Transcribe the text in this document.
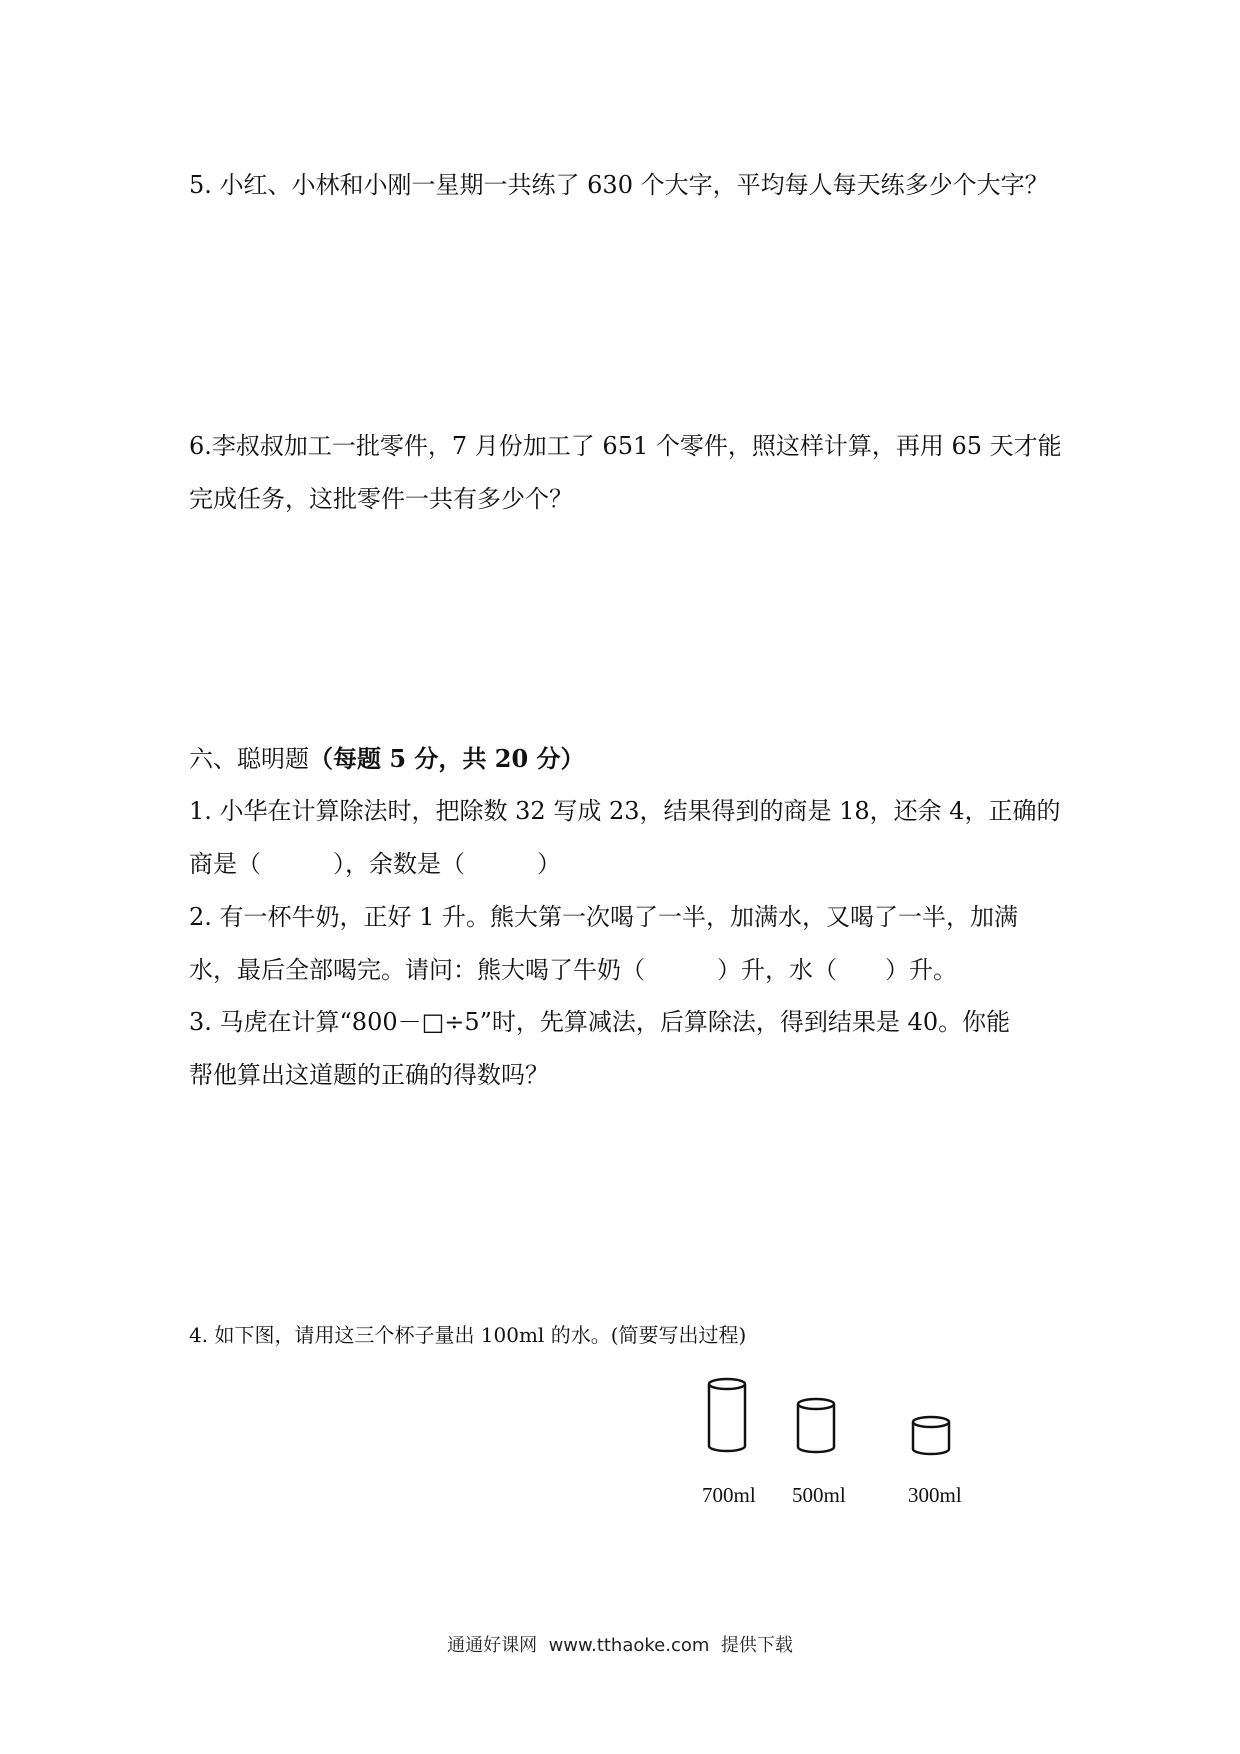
5. 小红、小林和小刚一星期一共练了 630 个大字，平均每人每天练多少个大字？
6.李叔叔加工一批零件，7 月份加工了 651 个零件，照这样计算，再用 65 天才能
完成任务，这批零件一共有多少个？
六、聪明题（每题 5 分，共 20 分）
1. 小华在计算除法时，把除数 32 写成 23，结果得到的商是 18，还余 4，正确的
商是（　　　），余数是（　　　）
2. 有一杯牛奶，正好 1 升。熊大第一次喝了一半，加满水，又喝了一半，加满
水，最后全部喝完。请问：熊大喝了牛奶（　　　）升，水（　　）升。
3. 马虎在计算“800－□÷5”时，先算减法，后算除法，得到结果是 40。你能
帮他算出这道题的正确的得数吗？
4. 如下图，请用这三个杯子量出 100ml 的水。(简要写出过程)
700ml 500ml	300ml
通通好课网  www.tthaoke.com  提供下载
